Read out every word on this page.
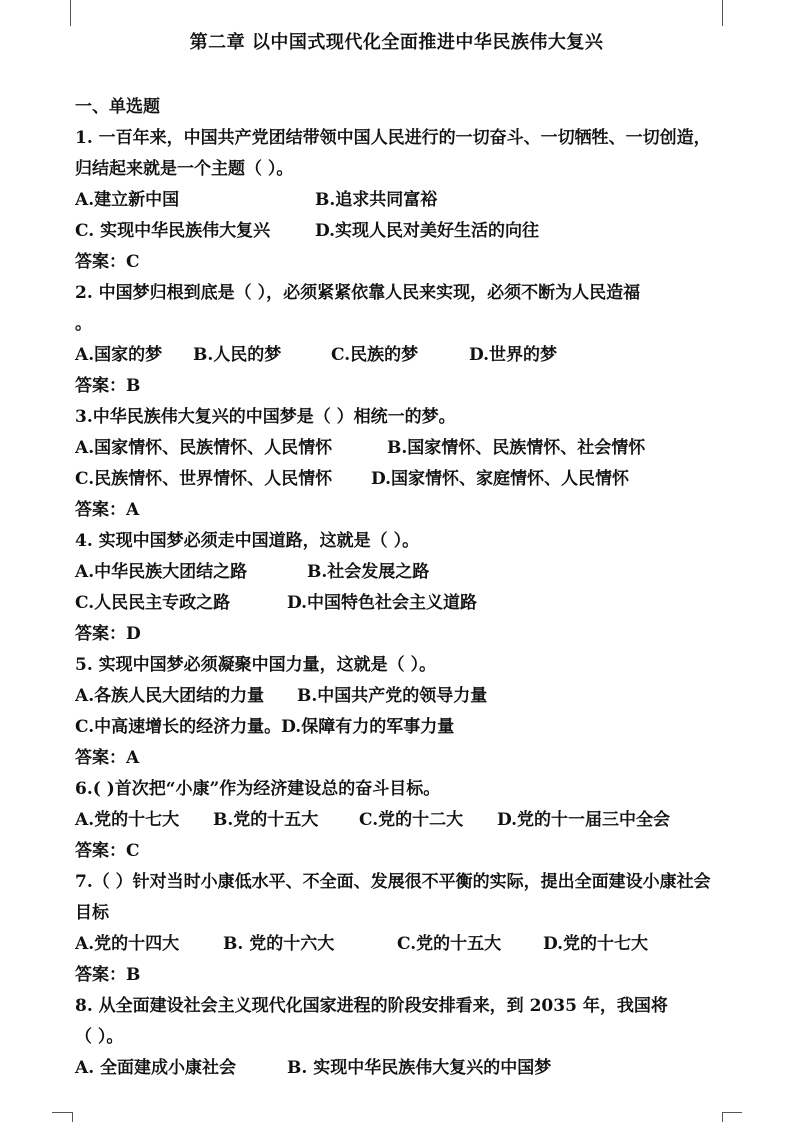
第二章 以中国式现代化全面推进中华民族伟大复兴
一、单选题
1. 一百年来，中国共产党团结带领中国人民进行的一切奋斗、一切牺牲、一切创造，归结起来就是一个主题（ ）。
A.建立新中国	B.追求共同富裕
C. 实现中华民族伟大复兴	D.实现人民对美好生活的向往
答案：C
2. 中国梦归根到底是（ ），必须紧紧依靠人民来实现，必须不断为人民造福
。
A.国家的梦 B.人民的梦	C.民族的梦	D.世界的梦
答案：B
3.中华民族伟大复兴的中国梦是（ ）相统一的梦。
A.国家情怀、民族情怀、人民情怀	B.国家情怀、民族情怀、社会情怀
C.民族情怀、世界情怀、人民情怀 D.国家情怀、家庭情怀、人民情怀
答案：A
4. 实现中国梦必须走中国道路，这就是（ ）。
A.中华民族大团结之路	B.社会发展之路
C.人民民主专政之路	D.中国特色社会主义道路
答案：D
5. 实现中国梦必须凝聚中国力量，这就是（ ）。
A.各族人民大团结的力量 B.中国共产党的领导力量
C.中高速增长的经济力量。D.保障有力的军事力量
答案：A
6.( )首次把“小康”作为经济建设总的奋斗目标。
A.党的十七大 B.党的十五大 C.党的十二大 D.党的十一届三中全会
答案：C
7.（ ）针对当时小康低水平、不全面、发展很不平衡的实际，提出全面建设小康社会目标
A.党的十四大	B. 党的十六大	C.党的十五大 D.党的十七大
答案：B
8. 从全面建设社会主义现代化国家进程的阶段安排看来，到 2035 年，我国将
（ ）。
A. 全面建成小康社会	B. 实现中华民族伟大复兴的中国梦
